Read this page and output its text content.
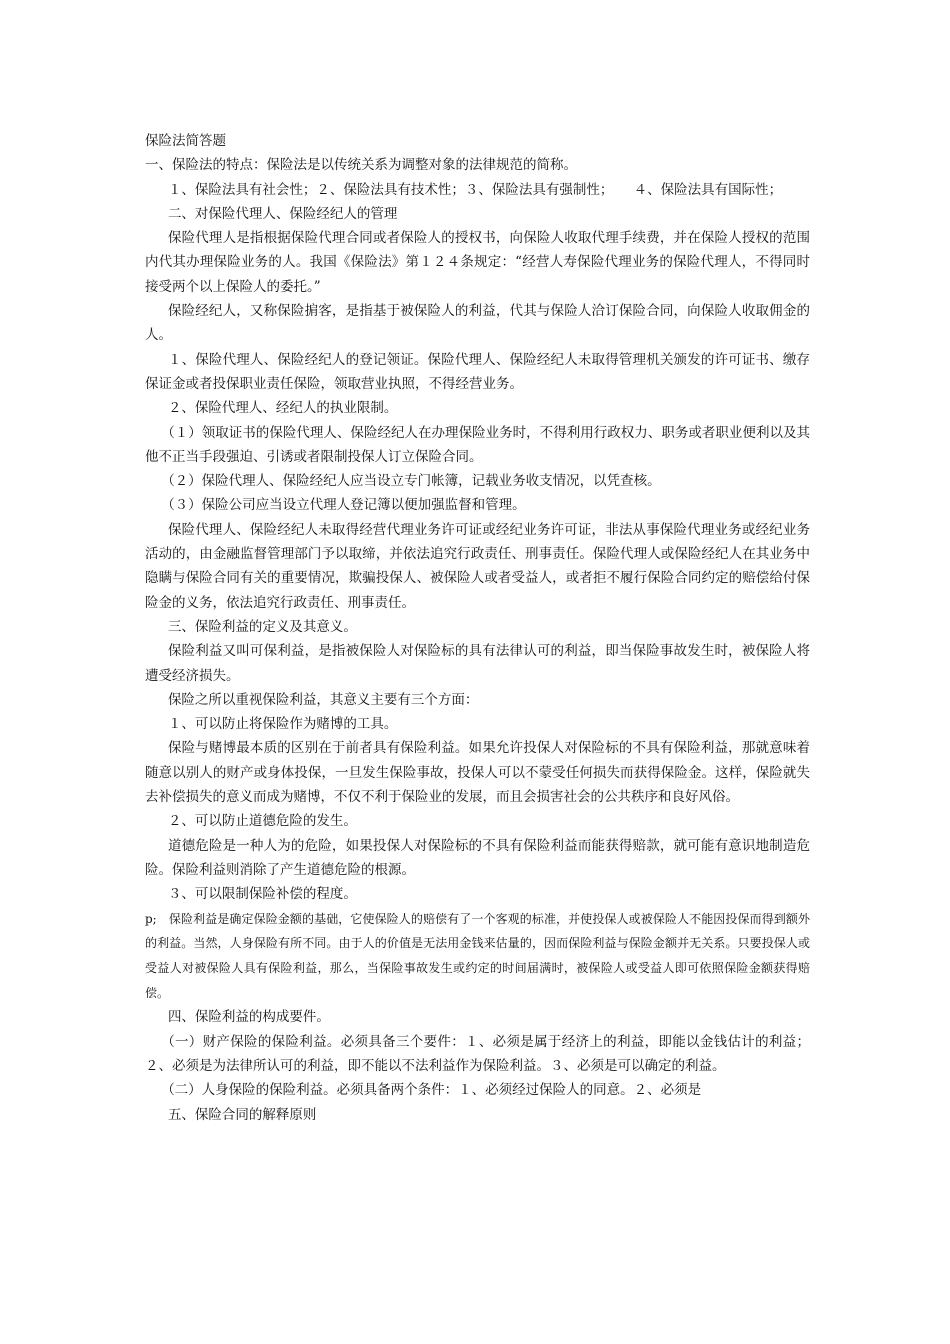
保险法简答题

一、保险法的特点：保险法是以传统关系为调整对象的法律规范的简称。

１、保险法具有社会性；２、保险法具有技术性；３、保险法具有强制性；　　４、保险法具有国际性；

二、对保险代理人、保险经纪人的管理

保险代理人是指根据保险代理合同或者保险人的授权书，向保险人收取代理手续费，并在保险人授权的范围内代其办理保险业务的人。我国《保险法》第１２４条规定：“经营人寿保险代理业务的保险代理人，不得同时接受两个以上保险人的委托。”

保险经纪人，又称保险掮客，是指基于被保险人的利益，代其与保险人洽订保险合同，向保险人收取佣金的人。

１、保险代理人、保险经纪人的登记领证。保险代理人、保险经纪人未取得管理机关颁发的许可证书、缴存保证金或者投保职业责任保险，领取营业执照，不得经营业务。

２、保险代理人、经纪人的执业限制。

（１）领取证书的保险代理人、保险经纪人在办理保险业务时，不得利用行政权力、职务或者职业便利以及其他不正当手段强迫、引诱或者限制投保人订立保险合同。

（２）保险代理人、保险经纪人应当设立专门帐簿，记载业务收支情况，以凭查核。

（３）保险公司应当设立代理人登记簿以便加强监督和管理。

保险代理人、保险经纪人未取得经营代理业务许可证或经纪业务许可证，非法从事保险代理业务或经纪业务活动的，由金融监督管理部门予以取缔，并依法追究行政责任、刑事责任。保险代理人或保险经纪人在其业务中隐瞒与保险合同有关的重要情况，欺骗投保人、被保险人或者受益人，或者拒不履行保险合同约定的赔偿给付保险金的义务，依法追究行政责任、刑事责任。

三、保险利益的定义及其意义。

保险利益又叫可保利益，是指被保险人对保险标的具有法律认可的利益，即当保险事故发生时，被保险人将遭受经济损失。

保险之所以重视保险利益，其意义主要有三个方面：

１、可以防止将保险作为赌博的工具。

保险与赌博最本质的区别在于前者具有保险利益。如果允许投保人对保险标的不具有保险利益，那就意味着随意以别人的财产或身体投保，一旦发生保险事故，投保人可以不蒙受任何损失而获得保险金。这样，保险就失去补偿损失的意义而成为赌博，不仅不利于保险业的发展，而且会损害社会的公共秩序和良好风俗。

２、可以防止道德危险的发生。

道德危险是一种人为的危险，如果投保人对保险标的不具有保险利益而能获得赔款，就可能有意识地制造危险。保险利益则消除了产生道德危险的根源。

３、可以限制保险补偿的程度。

p;　保险利益是确定保险金额的基础，它使保险人的赔偿有了一个客观的标准，并使投保人或被保险人不能因投保而得到额外的利益。当然，人身保险有所不同。由于人的价值是无法用金钱来估量的，因而保险利益与保险金额并无关系。只要投保人或受益人对被保险人具有保险利益，那么，当保险事故发生或约定的时间届满时，被保险人或受益人即可依照保险金额获得赔偿。

四、保险利益的构成要件。

（一）财产保险的保险利益。必须具备三个要件：１、必须是属于经济上的利益，即能以金钱估计的利益；２、必须是为法律所认可的利益，即不能以不法利益作为保险利益。３、必须是可以确定的利益。

（二）人身保险的保险利益。必须具备两个条件：１、必须经过保险人的同意。２、必须是

五、保险合同的解释原则
